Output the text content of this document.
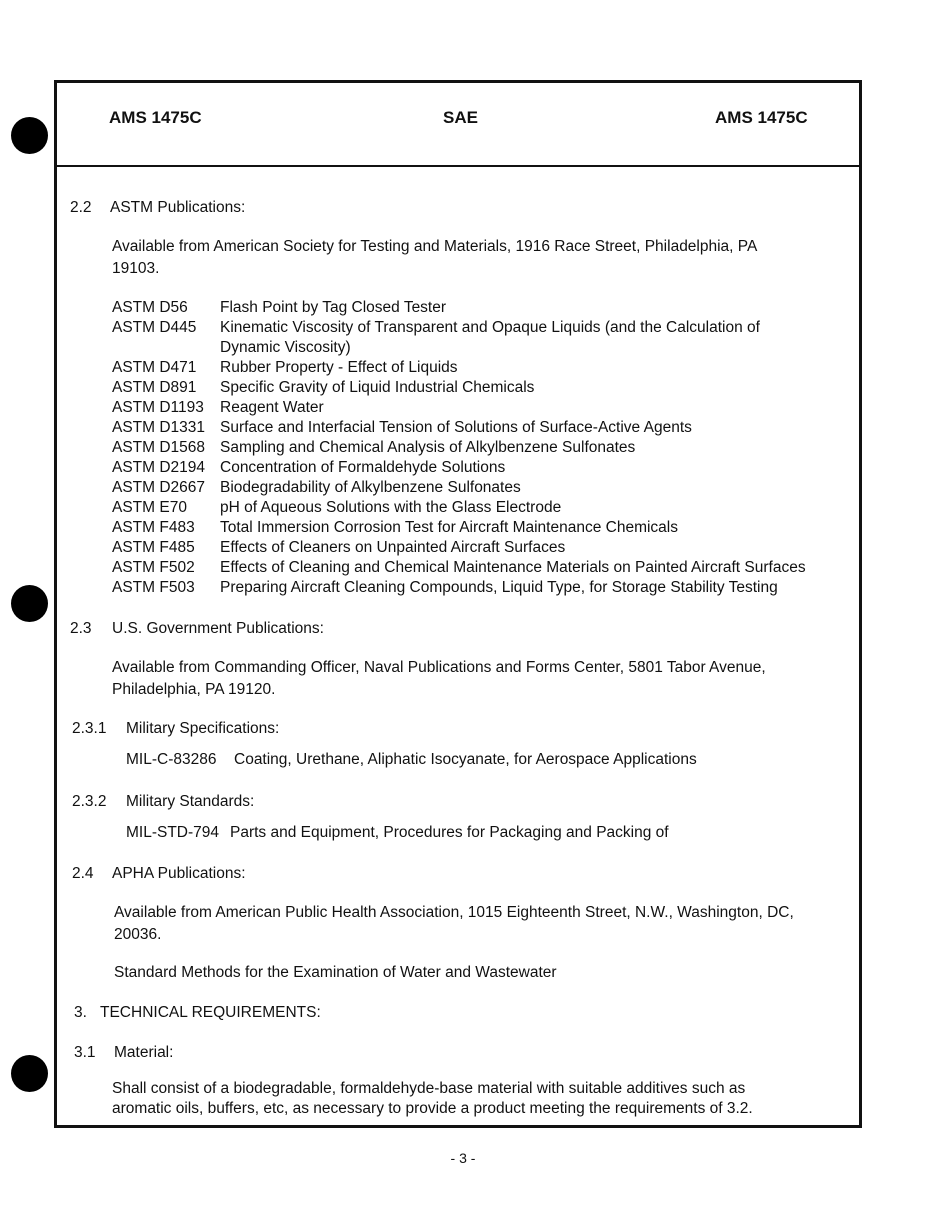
AMS 1475C	SAE	AMS 1475C
2.2 ASTM Publications:
Available from American Society for Testing and Materials, 1916 Race Street, Philadelphia, PA
19103.
ASTM D56 Flash Point by Tag Closed Tester
ASTM D445 Kinematic Viscosity of Transparent and Opaque Liquids (and the Calculation of
Dynamic Viscosity)
ASTM D471 Rubber Property - Effect of Liquids
ASTM D891 Specific Gravity of Liquid Industrial Chemicals
ASTM D1193 Reagent Water
ASTM D1331 Surface and Interfacial Tension of Solutions of Surface-Active Agents
ASTM D1568 Sampling and Chemical Analysis of Alkylbenzene Sulfonates
ASTM D2194 Concentration of Formaldehyde Solutions
ASTM D2667 Biodegradability of Alkylbenzene Sulfonates
ASTM E70 pH of Aqueous Solutions with the Glass Electrode
ASTM F483 Total Immersion Corrosion Test for Aircraft Maintenance Chemicals
ASTM F485 Effects of Cleaners on Unpainted Aircraft Surfaces
ASTM F502 Effects of Cleaning and Chemical Maintenance Materials on Painted Aircraft Surfaces
ASTM F503 Preparing Aircraft Cleaning Compounds, Liquid Type, for Storage Stability Testing
2.3 U.S. Government Publications:
Available from Commanding Officer, Naval Publications and Forms Center, 5801 Tabor Avenue,
Philadelphia, PA 19120.
2.3.1 Military Specifications:
MIL-C-83286 Coating, Urethane, Aliphatic Isocyanate, for Aerospace Applications
2.3.2 Military Standards:
MIL-STD-794 Parts and Equipment, Procedures for Packaging and Packing of
2.4 APHA Publications:
Available from American Public Health Association, 1015 Eighteenth Street, N.W., Washington, DC,
20036.
Standard Methods for the Examination of Water and Wastewater
3. TECHNICAL REQUIREMENTS:
3.1 Material:
Shall consist of a biodegradable, formaldehyde-base material with suitable additives such as
aromatic oils, buffers, etc, as necessary to provide a product meeting the requirements of 3.2.
- 3 -
